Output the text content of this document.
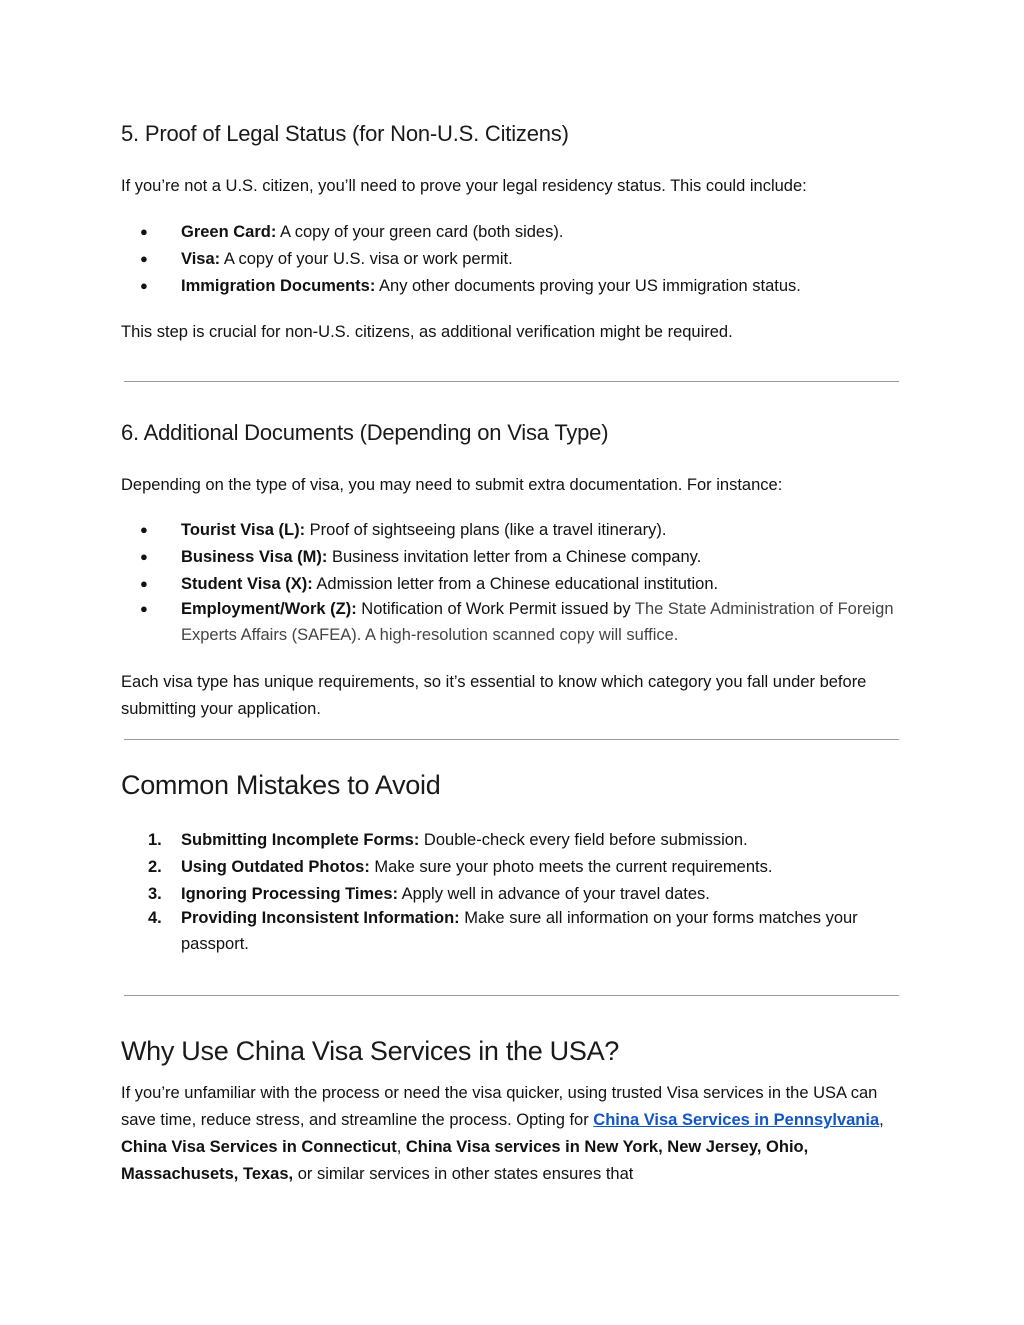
5. Proof of Legal Status (for Non-U.S. Citizens)

If you’re not a U.S. citizen, you’ll need to prove your legal residency status. This could include:

● Green Card: A copy of your green card (both sides).
● Visa: A copy of your U.S. visa or work permit.
● Immigration Documents: Any other documents proving your US immigration status.

This step is crucial for non-U.S. citizens, as additional verification might be required.

6. Additional Documents (Depending on Visa Type)

Depending on the type of visa, you may need to submit extra documentation. For instance:

● Tourist Visa (L): Proof of sightseeing plans (like a travel itinerary).
● Business Visa (M): Business invitation letter from a Chinese company.
● Student Visa (X): Admission letter from a Chinese educational institution.
● Employment/Work (Z): Notification of Work Permit issued by The State Administration of Foreign Experts Affairs (SAFEA). A high-resolution scanned copy will suffice.

Each visa type has unique requirements, so it’s essential to know which category you fall under before submitting your application.

Common Mistakes to Avoid
1. Submitting Incomplete Forms: Double-check every field before submission.
2. Using Outdated Photos: Make sure your photo meets the current requirements.
3. Ignoring Processing Times: Apply well in advance of your travel dates.
4. Providing Inconsistent Information: Make sure all information on your forms matches your passport.
Why Use China Visa Services in the USA?

If you’re unfamiliar with the process or need the visa quicker, using trusted Visa services in the USA can save time, reduce stress, and streamline the process. Opting for China Visa Services in Pennsylvania, China Visa Services in Connecticut, China Visa services in New York, New Jersey, Ohio, Massachusets, Texas, or similar services in other states ensures that
